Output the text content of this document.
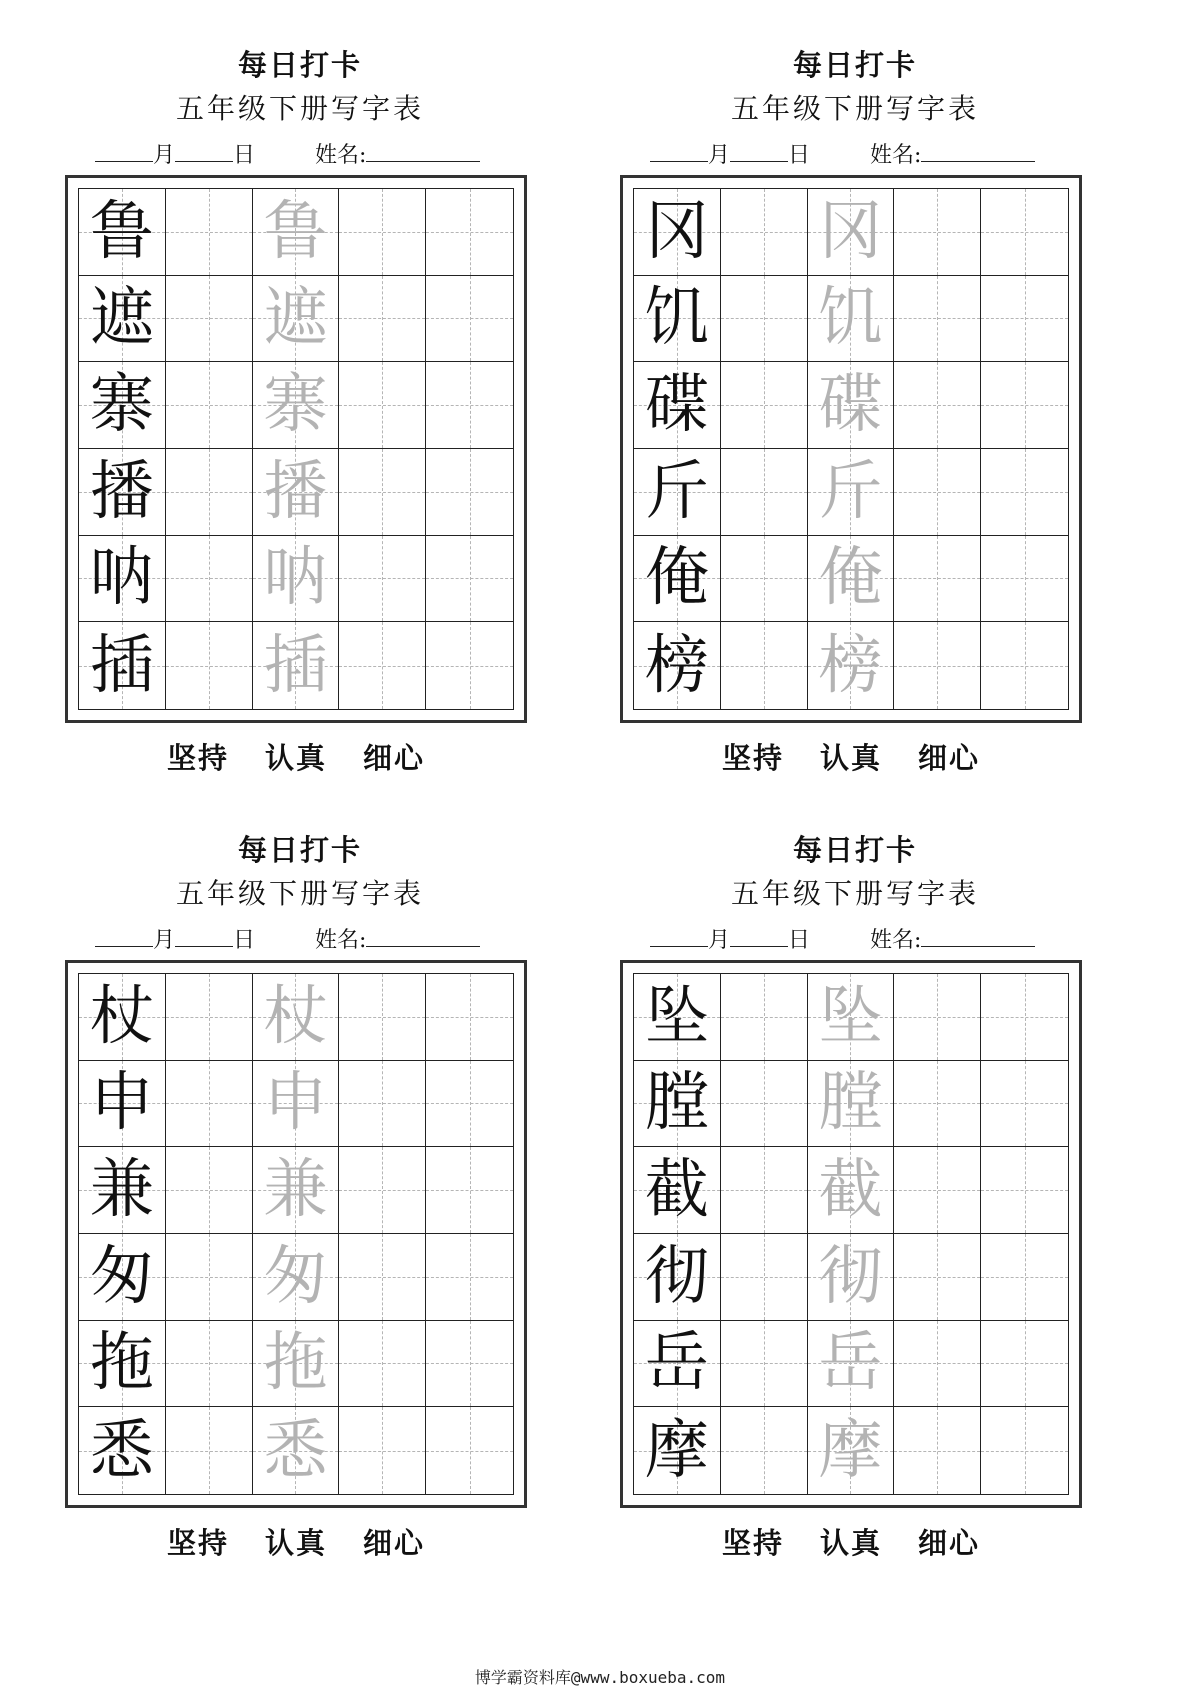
每日打卡
五年级下册写字表
月	日	姓名:
鲁 鲁
遮 遮
寨 寨
播 播
呐 呐
插 插
坚持 认真 细心
每日打卡
五年级下册写字表
月	日	姓名:
冈 冈
饥 饥
碟 碟
斤 斤
俺 俺
榜 榜
坚持 认真 细心
每日打卡
五年级下册写字表
月	日	姓名:
杖 杖
申 申
兼 兼
匆 匆
拖 拖
悉 悉
坚持 认真 细心
每日打卡
五年级下册写字表
月	日	姓名:
坠 坠
膛 膛
截 截
彻 彻
岳 岳
摩 摩
坚持 认真 细心
博学霸资料库@www.boxueba.com
